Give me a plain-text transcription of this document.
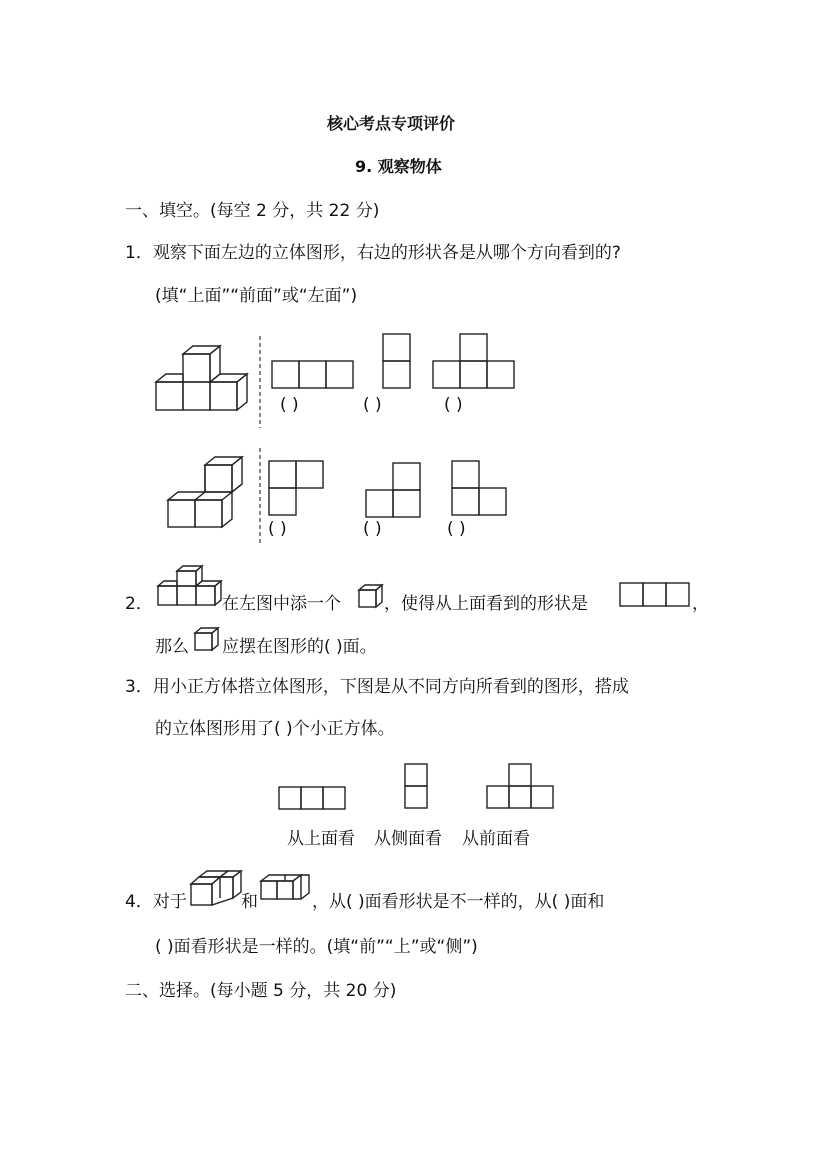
核心考点专项评价
9. 观察物体
一、填空。(每空 2 分，共 22 分)
1．观察下面左边的立体图形，右边的形状各是从哪个方向看到的?
(填“上面”“前面”或“左面”)
( )	( )	( )
( )	( )	( )
2．	在左图中添一个	，使得从上面看到的形状是	，
那么 应摆在图形的( )面。
3．用小正方体搭立体图形，下图是从不同方向所看到的图形，搭成
的立体图形用了( )个小正方体。
从上面看 从侧面看 从前面看
4．对于	和	，从( )面看形状是不一样的，从( )面和
( )面看形状是一样的。(填“前”“上”或“侧”)
二、选择。(每小题 5 分，共 20 分)
